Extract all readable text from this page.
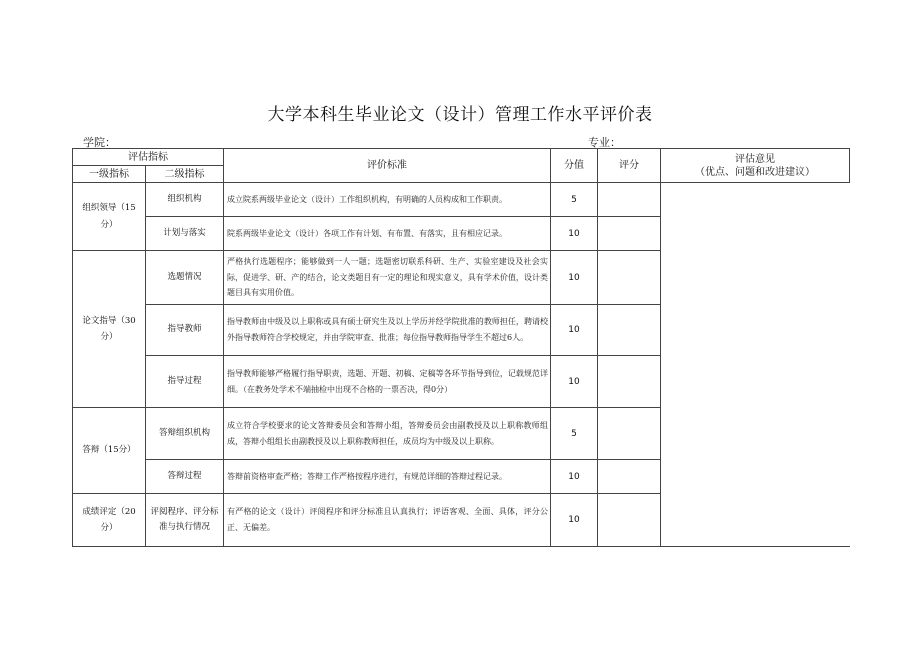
大学本科生毕业论文（设计）管理工作水平评价表
学院：	专业：
评估指标		评价标准	分值	评分	评估意见
（优点、问题和改进建议）

一级指标	二级指标				
组织领导（15分）	组织机构	成立院系两级毕业论文（设计）工作组织机构，有明确的人员构成和工作职责。	5		
	计划与落实	院系两级毕业论文（设计）各项工作有计划、有布置、有落实，且有相应记录。	10		
论文指导（30分）	选题情况	严格执行选题程序；能够做到一人一题；选题密切联系科研、生产、实验室建设及社会实际，促进学、研、产的结合，论文类题目有一定的理论和现实意义，具有学术价值，设计类题目具有实用价值。	10		
	指导教师	指导教师由中级及以上职称或具有硕士研究生及以上学历并经学院批准的教师担任，聘请校外指导教师符合学校规定，并由学院审查、批准；每位指导教师指导学生不超过6人。	10		
	指导过程	指导教师能够严格履行指导职责，选题、开题、初稿、定稿等各环节指导到位，记载规范详细。（在教务处学术不端抽检中出现不合格的一票否决，得0分）	10		
答辩（15分）	答辩组织机构	成立符合学校要求的论文答辩委员会和答辩小组，答辩委员会由副教授及以上职称教师组成，答辩小组组长由副教授及以上职称教师担任，成员均为中级及以上职称。	5		
	答辩过程	答辩前资格审查严格；答辩工作严格按程序进行，有规范详细的答辩过程记录。	10		
成绩评定（20分）	评阅程序、评分标准与执行情况	有严格的论文（设计）评阅程序和评分标准且认真执行；评语客观、全面、具体，评分公正、无偏差。	10		
